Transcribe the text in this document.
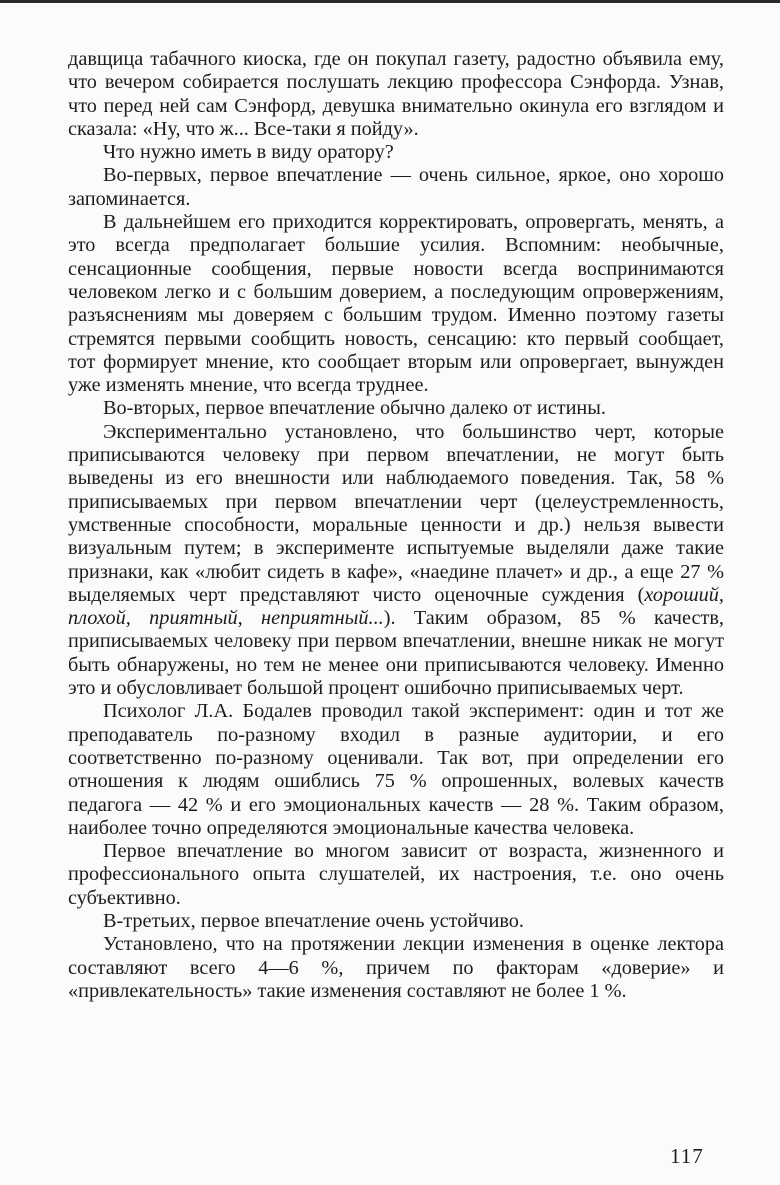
давщица табачного киоска, где он покупал газету, радостно объявила ему, что вечером собирается послушать лекцию профессора Сэнфорда. Узнав, что перед ней сам Сэнфорд, девушка внимательно окинула его взглядом и сказала: «Ну, что ж... Все-таки я пойду».

Что нужно иметь в виду оратору?

Во-первых, первое впечатление — очень сильное, яркое, оно хорошо запоминается.

В дальнейшем его приходится корректировать, опровергать, менять, а это всегда предполагает большие усилия. Вспомним: необычные, сенсационные сообщения, первые новости всегда воспринимаются человеком легко и с большим доверием, а последующим опровержениям, разъяснениям мы доверяем с большим трудом. Именно поэтому газеты стремятся первыми сообщить новость, сенсацию: кто первый сообщает, тот формирует мнение, кто сообщает вторым или опровергает, вынужден уже изменять мнение, что всегда труднее.

Во-вторых, первое впечатление обычно далеко от истины.

Экспериментально установлено, что большинство черт, которые приписываются человеку при первом впечатлении, не могут быть выведены из его внешности или наблюдаемого поведения. Так, 58 % приписываемых при первом впечатлении черт (целеустремленность, умственные способности, моральные ценности и др.) нельзя вывести визуальным путем; в эксперименте испытуемые выделяли даже такие признаки, как «любит сидеть в кафе», «наедине плачет» и др., а еще 27 % выделяемых черт представляют чисто оценочные суждения (хороший, плохой, приятный, неприятный...). Таким образом, 85 % качеств, приписываемых человеку при первом впечатлении, внешне никак не могут быть обнаружены, но тем не менее они приписываются человеку. Именно это и обусловливает большой процент ошибочно приписываемых черт.

Психолог Л.А. Бодалев проводил такой эксперимент: один и тот же преподаватель по-разному входил в разные аудитории, и его соответственно по-разному оценивали. Так вот, при определении его отношения к людям ошиблись 75 % опрошенных, волевых качеств педагога — 42 % и его эмоциональных качеств — 28 %. Таким образом, наиболее точно определяются эмоциональные качества человека.

Первое впечатление во многом зависит от возраста, жизненного и профессионального опыта слушателей, их настроения, т.е. оно очень субъективно.

В-третьих, первое впечатление очень устойчиво.

Установлено, что на протяжении лекции изменения в оценке лектора составляют всего 4—6 %, причем по факторам «доверие» и «привлекательность» такие изменения составляют не более 1 %.

117
